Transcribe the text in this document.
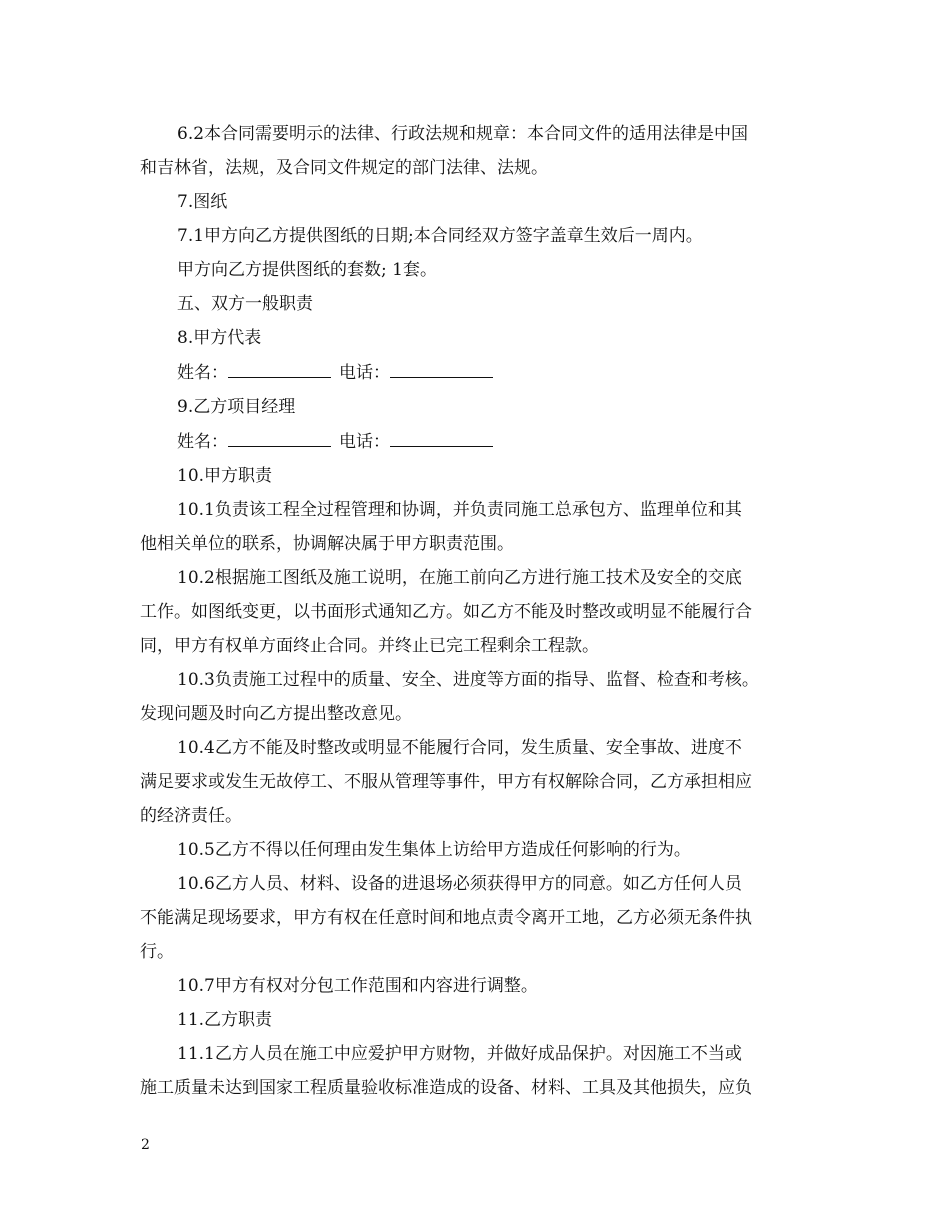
6.2本合同需要明示的法律、行政法规和规章：本合同文件的适用法律是中国

和吉林省，法规，及合同文件规定的部门法律、法规。

7.图纸

7.1甲方向乙方提供图纸的日期;本合同经双方签字盖章生效后一周内。

甲方向乙方提供图纸的套数; 1套。

五、双方一般职责

8.甲方代表

姓名：	电话：

9.乙方项目经理

姓名：	电话：

10.甲方职责

10.1负责该工程全过程管理和协调，并负责同施工总承包方、监理单位和其

他相关单位的联系，协调解决属于甲方职责范围。

10.2根据施工图纸及施工说明，在施工前向乙方进行施工技术及安全的交底

工作。如图纸变更，以书面形式通知乙方。如乙方不能及时整改或明显不能履行合

同，甲方有权单方面终止合同。并终止已完工程剩余工程款。

10.3负责施工过程中的质量、安全、进度等方面的指导、监督、检查和考核。

发现问题及时向乙方提出整改意见。

10.4乙方不能及时整改或明显不能履行合同，发生质量、安全事故、进度不

满足要求或发生无故停工、不服从管理等事件，甲方有权解除合同，乙方承担相应

的经济责任。

10.5乙方不得以任何理由发生集体上访给甲方造成任何影响的行为。

10.6乙方人员、材料、设备的进退场必须获得甲方的同意。如乙方任何人员

不能满足现场要求，甲方有权在任意时间和地点责令离开工地，乙方必须无条件执

行。

10.7甲方有权对分包工作范围和内容进行调整。

11.乙方职责

11.1乙方人员在施工中应爱护甲方财物，并做好成品保护。对因施工不当或

施工质量未达到国家工程质量验收标准造成的设备、材料、工具及其他损失，应负

2
